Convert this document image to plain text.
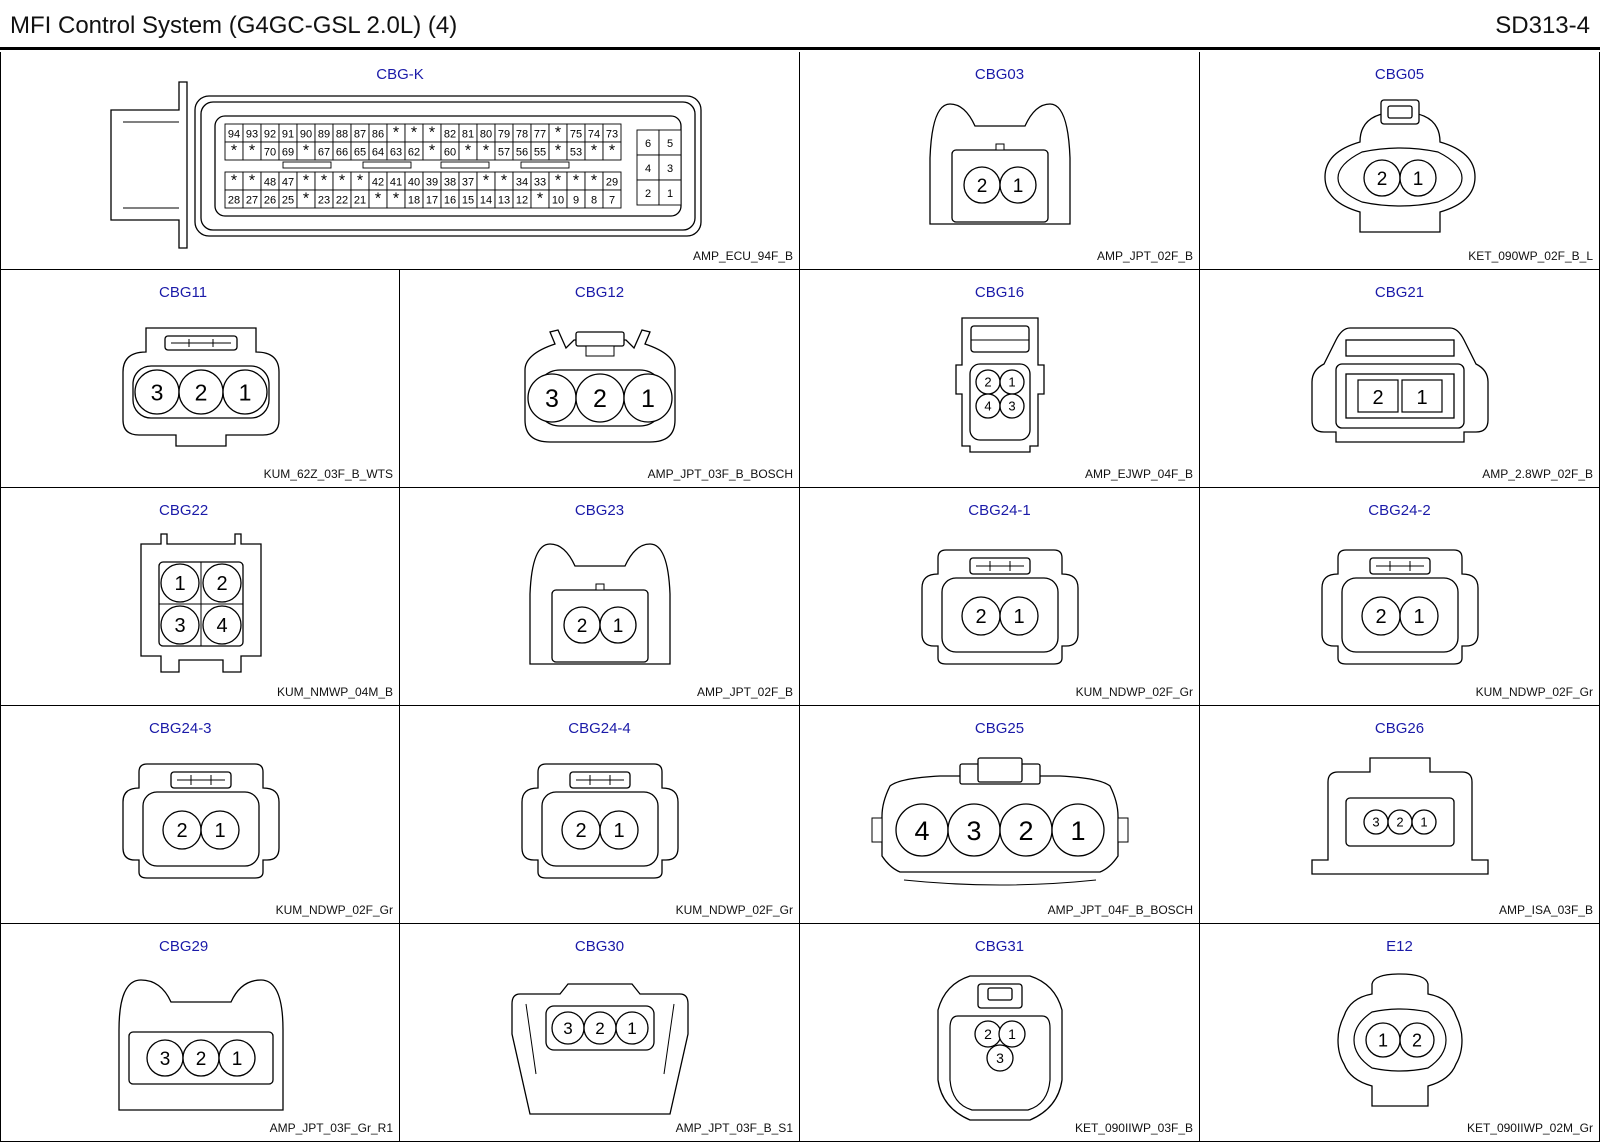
MFI Control System (G4GC-GSL 2.0L) (4)	SD313-4
CBG-K
94 93 92 91 90 89 88 87 86 * * * 82 81 80 79 78 77 * 75 74 73
* * 70 69 * 67 66 65 64 63 62 * 60 * * 57 56 55 * 53 * *
* * 48 47 * * * * 42 41 40 39 38 37 * * 34 33 * * * 29
28 27 26 25 * 23 22 21 * * 18 17 16 15 14 13 12 * 10 9 8 7
6 5
4 3
2 1
AMP_ECU_94F_B
CBG03
2 1
AMP_JPT_02F_B
CBG05
2 1
KET_090WP_02F_B_L
CBG11
3 2 1
KUM_62Z_03F_B_WTS
CBG12
3 2 1
AMP_JPT_03F_B_BOSCH
CBG16
2 1
4 3
AMP_EJWP_04F_B
CBG21
2 1
AMP_2.8WP_02F_B
CBG22
1 2
3 4
KUM_NMWP_04M_B
CBG23
2 1
AMP_JPT_02F_B
CBG24-1
2 1
KUM_NDWP_02F_Gr
CBG24-2
2 1
KUM_NDWP_02F_Gr
CBG24-3
2 1
KUM_NDWP_02F_Gr
CBG24-4
2 1
KUM_NDWP_02F_Gr
CBG25
4 3 2 1
AMP_JPT_04F_B_BOSCH
CBG26
3 2 1
AMP_ISA_03F_B
CBG29
3 2 1
AMP_JPT_03F_Gr_R1
CBG30
3 2 1
AMP_JPT_03F_B_S1
CBG31
2 1
3
KET_090IIWP_03F_B
E12
1 2
KET_090IIWP_02M_Gr
